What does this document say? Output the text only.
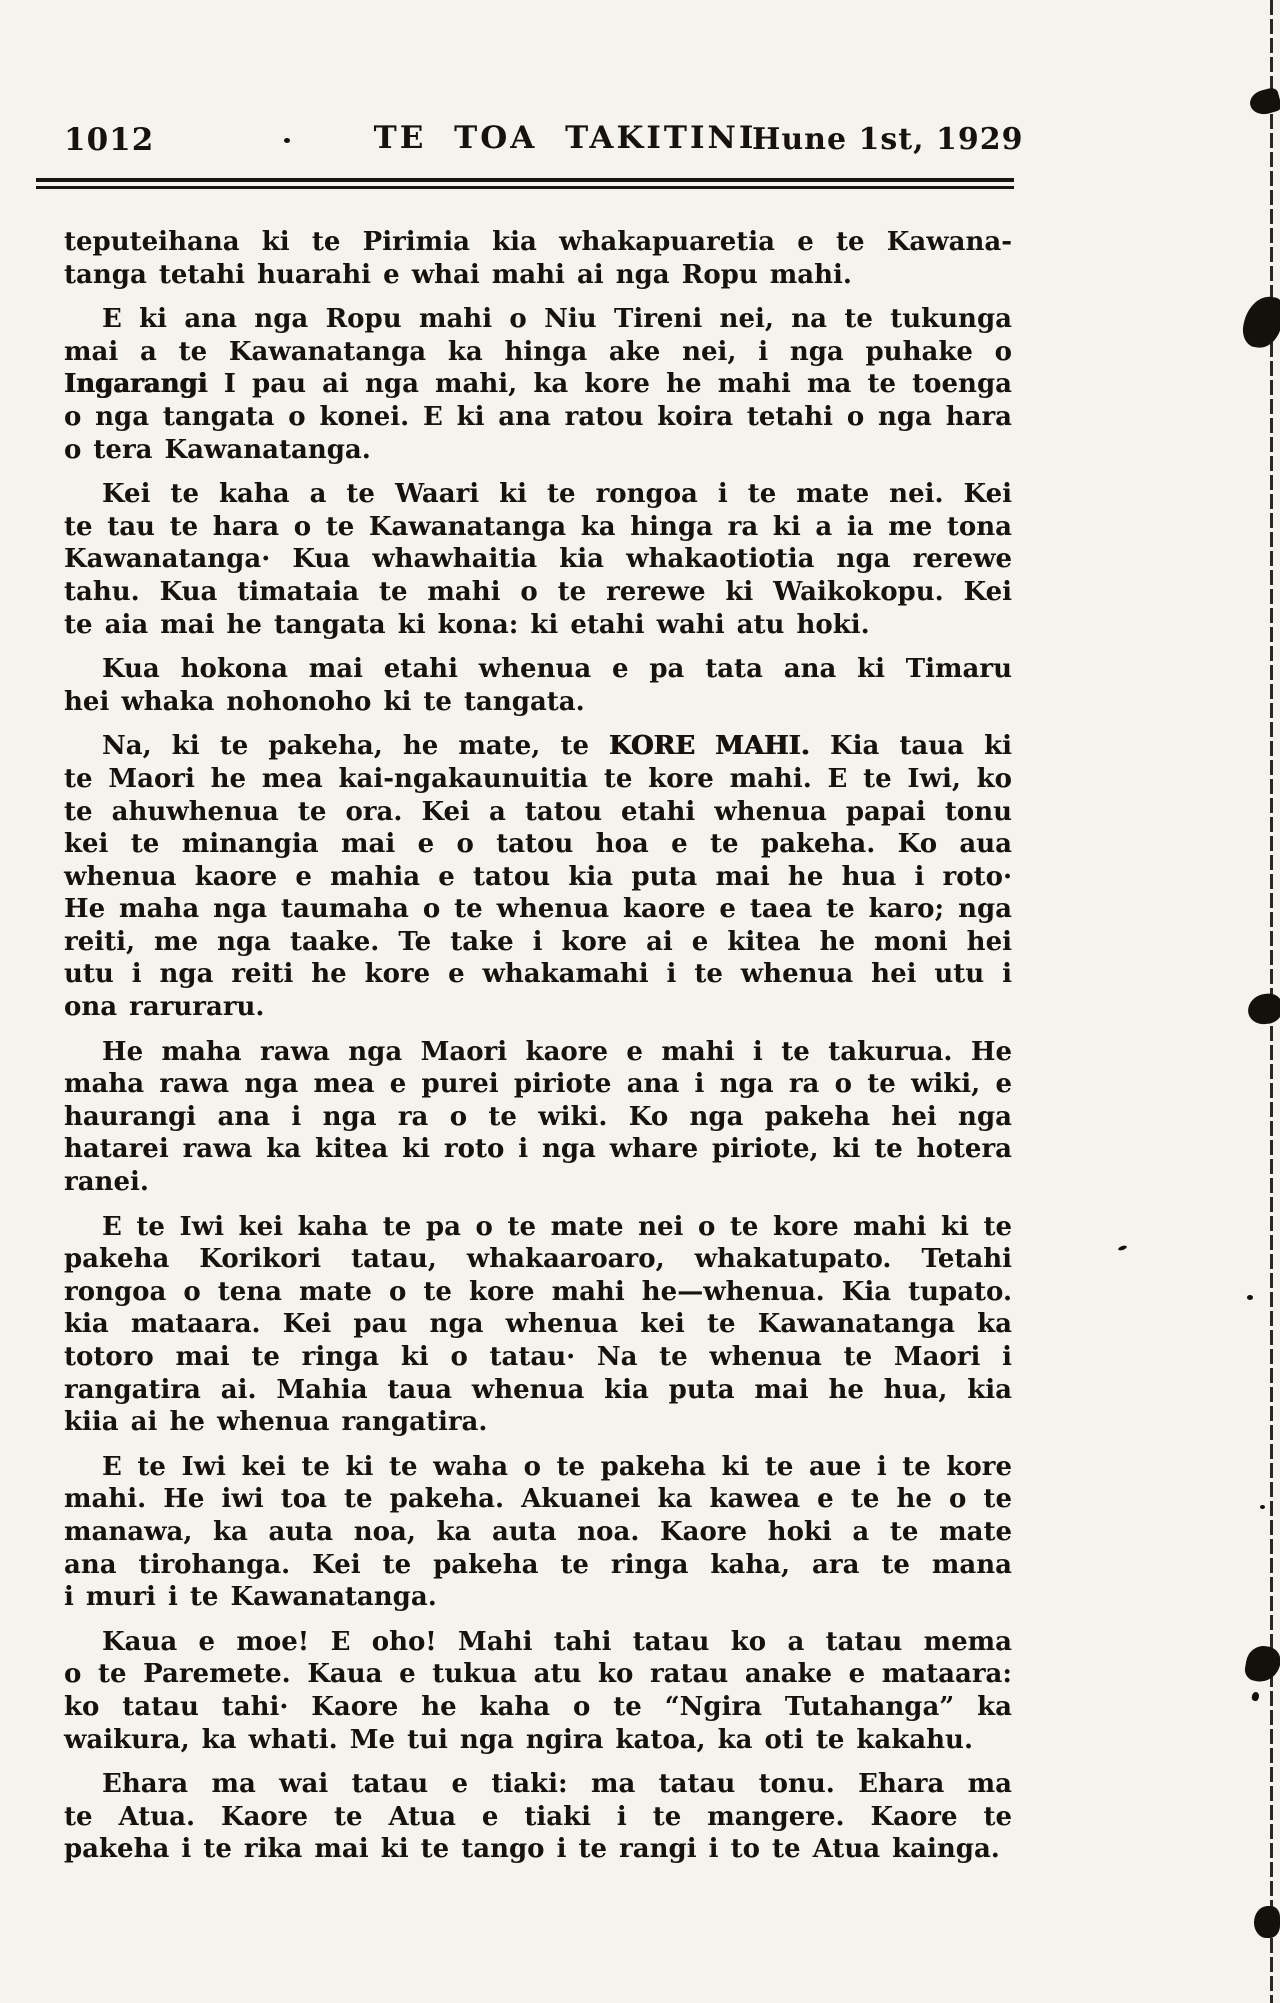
1012	TE TOA TAKITINI
Hune 1st, 1929

teputeihana ki te Pirimia kia whakapuaretia e te Kawana-
tanga tetahi huarahi e whai mahi ai nga Ropu mahi.

E ki ana nga Ropu mahi o Niu Tireni nei, na te tukunga
mai a te Kawanatanga ka hinga ake nei, i nga puhake o
Ingarangi I pau ai nga mahi, ka kore he mahi ma te toenga
o nga tangata o konei. E ki ana ratou koira tetahi o nga hara
o tera Kawanatanga.

Kei te kaha a te Waari ki te rongoa i te mate nei. Kei
te tau te hara o te Kawanatanga ka hinga ra ki a ia me tona
Kawanatanga· Kua whawhaitia kia whakaotiotia nga rerewe
tahu. Kua timataia te mahi o te rerewe ki Waikokopu. Kei
te aia mai he tangata ki kona: ki etahi wahi atu hoki.

Kua hokona mai etahi whenua e pa tata ana ki Timaru
hei whaka nohonoho ki te tangata.

Na, ki te pakeha, he mate, te KORE MAHI. Kia taua ki
te Maori he mea kai-ngakaunuitia te kore mahi. E te Iwi, ko
te ahuwhenua te ora. Kei a tatou etahi whenua papai tonu
kei te minangia mai e o tatou hoa e te pakeha. Ko aua
whenua kaore e mahia e tatou kia puta mai he hua i roto·
He maha nga taumaha o te whenua kaore e taea te karo; nga
reiti, me nga taake. Te take i kore ai e kitea he moni hei
utu i nga reiti he kore e whakamahi i te whenua hei utu i
ona raruraru.

He maha rawa nga Maori kaore e mahi i te takurua. He
maha rawa nga mea e purei piriote ana i nga ra o te wiki, e
haurangi ana i nga ra o te wiki. Ko nga pakeha hei nga
hatarei rawa ka kitea ki roto i nga whare piriote, ki te hotera
ranei.

E te Iwi kei kaha te pa o te mate nei o te kore mahi ki te
pakeha Korikori tatau, whakaaroaro, whakatupato. Tetahi
rongoa o tena mate o te kore mahi he—whenua. Kia tupato.
kia mataara. Kei pau nga whenua kei te Kawanatanga ka
totoro mai te ringa ki o tatau· Na te whenua te Maori i
rangatira ai. Mahia taua whenua kia puta mai he hua, kia
kiia ai he whenua rangatira.

E te Iwi kei te ki te waha o te pakeha ki te aue i te kore
mahi. He iwi toa te pakeha. Akuanei ka kawea e te he o te
manawa, ka auta noa, ka auta noa. Kaore hoki a te mate
ana tirohanga. Kei te pakeha te ringa kaha, ara te mana
i muri i te Kawanatanga.

Kaua e moe! E oho! Mahi tahi tatau ko a tatau mema
o te Paremete. Kaua e tukua atu ko ratau anake e mataara:
ko tatau tahi· Kaore he kaha o te “Ngira Tutahanga” ka
waikura, ka whati. Me tui nga ngira katoa, ka oti te kakahu.

Ehara ma wai tatau e tiaki: ma tatau tonu. Ehara ma
te Atua. Kaore te Atua e tiaki i te mangere. Kaore te
pakeha i te rika mai ki te tango i te rangi i to te Atua kainga.
